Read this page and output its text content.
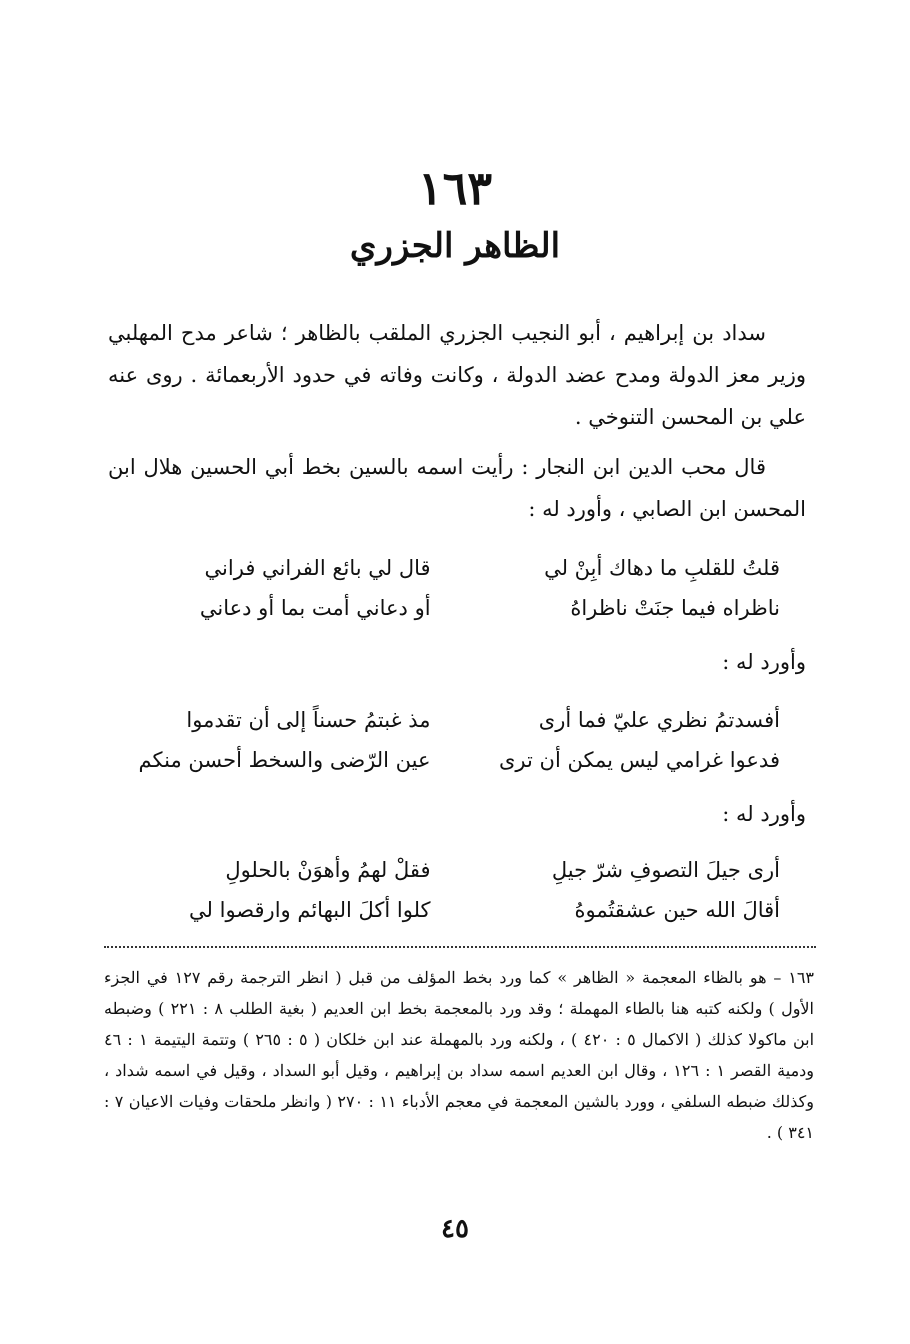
١٦٣
الظاهر الجزري

سداد بن إبراهيم ، أبو النجيب الجزري الملقب بالظاهر ؛ شاعر مدح المهلبي وزير معز الدولة ومدح عضد الدولة ، وكانت وفاته في حدود الأربعمائة . روى عنه علي بن المحسن التنوخي .

قال محب الدين ابن النجار : رأيت اسمه بالسين بخط أبي الحسين هلال ابن المحسن ابن الصابي ، وأورد له :

قلتُ للقلبِ ما دهاك أبِنْ لي
قال لي بائع الفراني فراني
ناظراه فيما جنَتْ ناظراهُ
أو دعاني أمت بما أو دعاني
وأورد له :
أفسدتمُ نظري عليّ فما أرى
مذ غبتمُ حسناً إلى أن تقدموا
فدعوا غرامي ليس يمكن أن ترى
عين الرّضى والسخط أحسن منكم
وأورد له :
أرى جيلَ التصوفِ شرّ جيلِ
فقلْ لهمُ وأهوَنْ بالحلولِ
أقالَ الله حين عشقتُموهُ
كلوا أكلَ البهائم وارقصوا لي
١٦٣ – هو بالظاء المعجمة « الظاهر » كما ورد بخط المؤلف من قبل ( انظر الترجمة رقم ١٢٧ في الجزء الأول ) ولكنه كتبه هنا بالطاء المهملة ؛ وقد ورد بالمعجمة بخط ابن العديم ( بغية الطلب ٨ : ٢٢١ ) وضبطه ابن ماكولا كذلك ( الاكمال ٥ : ٤٢٠ ) ، ولكنه ورد بالمهملة عند ابن خلكان ( ٥ : ٢٦٥ ) وتتمة اليتيمة ١ : ٤٦ ودمية القصر ١ : ١٢٦ ، وقال ابن العديم اسمه سداد بن إبراهيم ، وقيل أبو السداد ، وقيل في اسمه شداد ، وكذلك ضبطه السلفي ، وورد بالشين المعجمة في معجم الأدباء ١١ : ٢٧٠ ( وانظر ملحقات وفيات الاعيان ٧ : ٣٤١ ) .
٤٥
